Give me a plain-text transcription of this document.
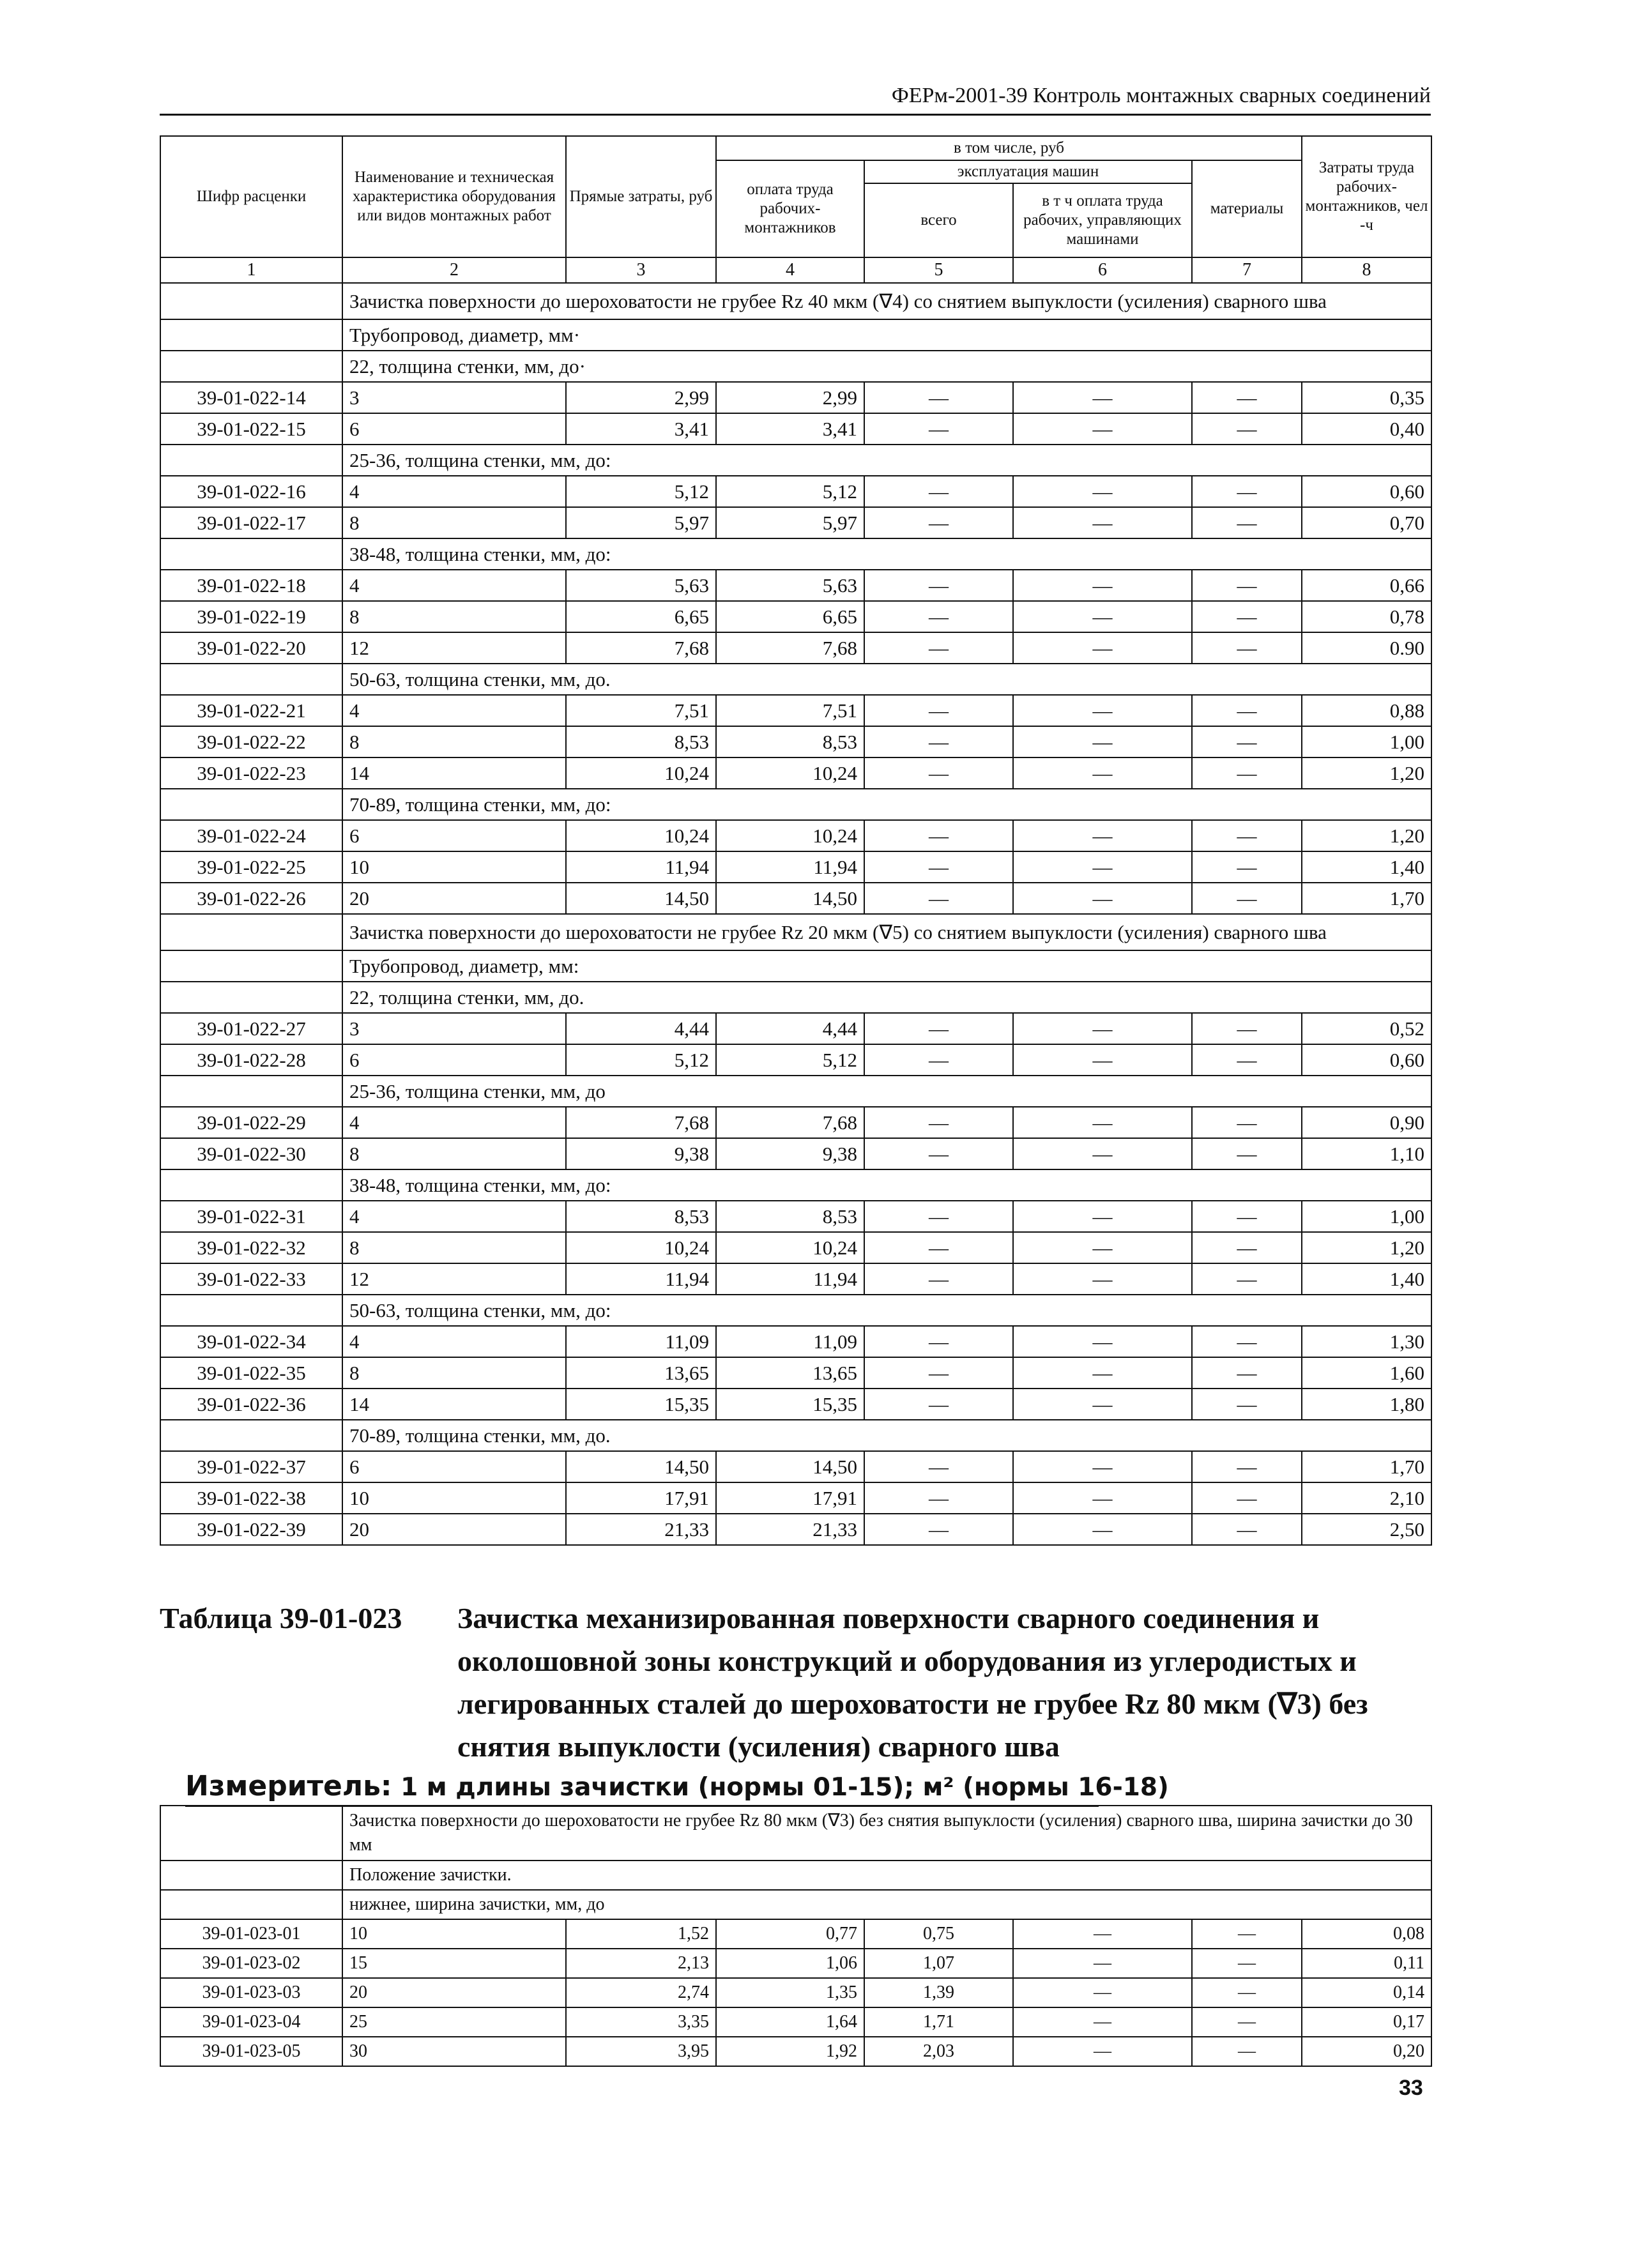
ФЕРм-2001-39 Контроль монтажных сварных соединений
Шифр расценки	Наименование и техническая характеристика оборудования или видов монтажных работ	Прямые затраты, руб	в том числе, руб				Затраты труда рабочих-монтажников, чел -ч
			оплата труда рабочих-монтажников	эксплуатация машин		материалы	
				всего	в т ч оплата труда рабочих, управляющих машинами		
1	2	3	4	5	6	7	8
	Зачистка поверхности до шероховатости не грубее Rz 40 мкм (∇4) со снятием выпуклости (усиления) сварного шва						
	Трубопровод, диаметр, мм·						
	22, толщина стенки, мм, до·						
39-01-022-14	3	2,99	2,99	—	—	—	0,35
39-01-022-15	6	3,41	3,41	—	—	—	0,40
	25-36, толщина стенки, мм, до:						
39-01-022-16	4	5,12	5,12	—	—	—	0,60
39-01-022-17	8	5,97	5,97	—	—	—	0,70
	38-48, толщина стенки, мм, до:						
39-01-022-18	4	5,63	5,63	—	—	—	0,66
39-01-022-19	8	6,65	6,65	—	—	—	0,78
39-01-022-20	12	7,68	7,68	—	—	—	0.90
	50-63, толщина стенки, мм, до.						
39-01-022-21	4	7,51	7,51	—	—	—	0,88
39-01-022-22	8	8,53	8,53	—	—	—	1,00
39-01-022-23	14	10,24	10,24	—	—	—	1,20
	70-89, толщина стенки, мм, до:						
39-01-022-24	6	10,24	10,24	—	—	—	1,20
39-01-022-25	10	11,94	11,94	—	—	—	1,40
39-01-022-26	20	14,50	14,50	—	—	—	1,70
	Зачистка поверхности до шероховатости не грубее Rz 20 мкм (∇5) со снятием выпуклости (усиления) сварного шва						
	Трубопровод, диаметр, мм:						
	22, толщина стенки, мм, до.						
39-01-022-27	3	4,44	4,44	—	—	—	0,52
39-01-022-28	6	5,12	5,12	—	—	—	0,60
	25-36, толщина стенки, мм, до						
39-01-022-29	4	7,68	7,68	—	—	—	0,90
39-01-022-30	8	9,38	9,38	—	—	—	1,10
	38-48, толщина стенки, мм, до:						
39-01-022-31	4	8,53	8,53	—	—	—	1,00
39-01-022-32	8	10,24	10,24	—	—	—	1,20
39-01-022-33	12	11,94	11,94	—	—	—	1,40
	50-63, толщина стенки, мм, до:						
39-01-022-34	4	11,09	11,09	—	—	—	1,30
39-01-022-35	8	13,65	13,65	—	—	—	1,60
39-01-022-36	14	15,35	15,35	—	—	—	1,80
	70-89, толщина стенки, мм, до.						
39-01-022-37	6	14,50	14,50	—	—	—	1,70
39-01-022-38	10	17,91	17,91	—	—	—	2,10
39-01-022-39	20	21,33	21,33	—	—	—	2,50
Таблица 39-01-023 Зачистка механизированная поверхности сварного соединения и околошовной зоны конструкций и оборудования из углеродистых и легированных сталей до шероховатости не грубее Rz 80 мкм (∇3) без снятия выпуклости (усиления) сварного шва
Измеритель: 1 м длины зачистки (нормы 01-15); м² (нормы 16-18)
	Зачистка поверхности до шероховатости не грубее Rz 80 мкм (∇3) без снятия выпуклости (усиления) сварного шва, ширина зачистки до 30 мм						
	Положение зачистки.						
	нижнее, ширина зачистки, мм, до						
39-01-023-01	10	1,52	0,77	0,75	—	—	0,08
39-01-023-02	15	2,13	1,06	1,07	—	—	0,11
39-01-023-03	20	2,74	1,35	1,39	—	—	0,14
39-01-023-04	25	3,35	1,64	1,71	—	—	0,17
39-01-023-05	30	3,95	1,92	2,03	—	—	0,20
33
